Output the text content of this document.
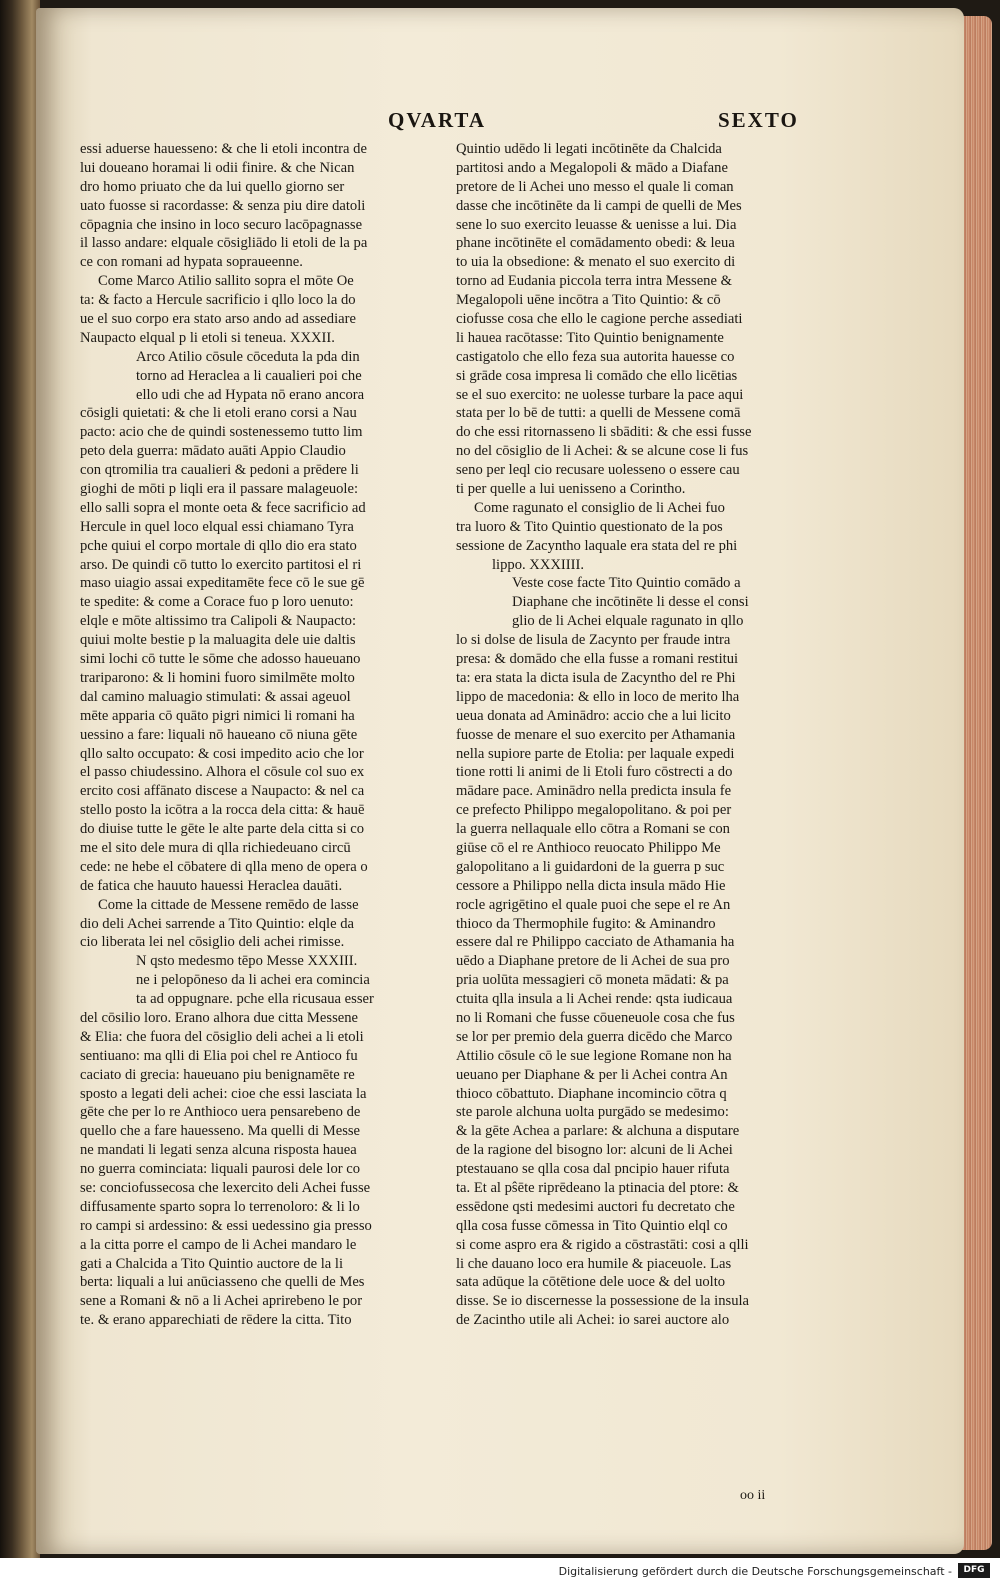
QVARTA	SEXTO
essi aduerse hauesseno: & che li etoli incontra de
lui doueano horamai li odii finire. & che Nican
dro homo priuato che da lui quello giorno ser
uato fuosse si racordasse: & senza piu dire datoli
cōpagnia che insino in loco securo lacōpagnasse
il lasso andare: elquale cōsigliādo li etoli de la pa
ce con romani ad hypata sopraueenne.
Come Marco Atilio sallito sopra el mōte Oe
ta: & facto a Hercule sacrificio i qllo loco la do
ue el suo corpo era stato arso ando ad assediare
Naupacto elqual p li etoli si teneua. XXXII.
Arco Atilio cōsule cōceduta la pda din
torno ad Heraclea a li caualieri poi che
ello udi che ad Hypata nō erano ancora
cōsigli quietati: & che li etoli erano corsi a Nau
pacto: acio che de quindi sostenessemo tutto lim
peto dela guerra: mādato auāti Appio Claudio
con qtromilia tra caualieri & pedoni a prēdere li
gioghi de mōti p liqli era il passare malageuole:
ello salli sopra el monte oeta & fece sacrificio ad
Hercule in quel loco elqual essi chiamano Tyra
pche quiui el corpo mortale di qllo dio era stato
arso. De quindi cō tutto lo exercito partitosi el ri
maso uiagio assai expeditamēte fece cō le sue gē
te spedite: & come a Corace fuo p loro uenuto:
elqle e mōte altissimo tra Calipoli & Naupacto:
quiui molte bestie p la maluagita dele uie daltis
simi lochi cō tutte le sōme che adosso haueuano
trariparono: & li homini fuoro similmēte molto
dal camino maluagio stimulati: & assai ageuol
mēte apparia cō quāto pigri nimici li romani ha
uessino a fare: liquali nō haueano cō niuna gēte
qllo salto occupato: & cosi impedito acio che lor
el passo chiudessino. Alhora el cōsule col suo ex
ercito cosi affānato discese a Naupacto: & nel ca
stello posto la icōtra a la rocca dela citta: & hauē
do diuise tutte le gēte le alte parte dela citta si co
me el sito dele mura di qlla richiedeuano circū
cede: ne hebe el cōbatere di qlla meno de opera o
de fatica che hauuto hauessi Heraclea dauāti.
Come la cittade de Messene remēdo de lasse
dio deli Achei sarrende a Tito Quintio: elqle da
cio liberata lei nel cōsiglio deli achei rimisse.
N qsto medesmo tēpo Messe XXXIII.
ne i pelopōneso da li achei era comincia
ta ad oppugnare. pche ella ricusaua esser
del cōsilio loro. Erano alhora due citta Messene
& Elia: che fuora del cōsiglio deli achei a li etoli
sentiuano: ma qlli di Elia poi chel re Antioco fu
caciato di grecia: haueuano piu benignamēte re
sposto a legati deli achei: cioe che essi lasciata la
gēte che per lo re Anthioco uera pensarebeno de
quello che a fare hauesseno. Ma quelli di Messe
ne mandati li legati senza alcuna risposta hauea
no guerra cominciata: liquali paurosi dele lor co
se: conciofussecosa che lexercito deli Achei fusse
diffusamente sparto sopra lo terrenoloro: & li lo
ro campi si ardessino: & essi uedessino gia presso
a la citta porre el campo de li Achei mandaro le
gati a Chalcida a Tito Quintio auctore de la li
berta: liquali a lui anūciasseno che quelli de Mes
sene a Romani & nō a li Achei aprirebeno le por
te. & erano apparechiati de rēdere la citta. Tito
Quintio udēdo li legati incōtinēte da Chalcida
partitosi ando a Megalopoli & mādo a Diafane
pretore de li Achei uno messo el quale li coman
dasse che incōtinēte da li campi de quelli de Mes
sene lo suo exercito leuasse & uenisse a lui. Dia
phane incōtinēte el comādamento obedi: & leua
to uia la obsedione: & menato el suo exercito di
torno ad Eudania piccola terra intra Messene &
Megalopoli uēne incōtra a Tito Quintio: & cō
ciofusse cosa che ello le cagione perche assediati
li hauea racōtasse: Tito Quintio benignamente
castigatolo che ello feza sua autorita hauesse co
si grāde cosa impresa li comādo che ello licētias
se el suo exercito: ne uolesse turbare la pace aqui
stata per lo bē de tutti: a quelli de Messene comā
do che essi ritornasseno li sbāditi: & che essi fusse
no del cōsiglio de li Achei: & se alcune cose li fus
seno per leql cio recusare uolesseno o essere cau
ti per quelle a lui uenisseno a Corintho.
Come ragunato el consiglio de li Achei fuo
tra luoro & Tito Quintio questionato de la pos
sessione de Zacyntho laquale era stata del re phi
lippo. XXXIIII.
Veste cose facte Tito Quintio comādo a
Diaphane che incōtinēte li desse el consi
glio de li Achei elquale ragunato in qllo
lo si dolse de lisula de Zacynto per fraude intra
presa: & domādo che ella fusse a romani restitui
ta: era stata la dicta isula de Zacyntho del re Phi
lippo de macedonia: & ello in loco de merito lha
ueua donata ad Aminādro: accio che a lui licito
fuosse de menare el suo exercito per Athamania
nella supiore parte de Etolia: per laquale expedi
tione rotti li animi de li Etoli furo cōstrecti a do
mādare pace. Aminādro nella predicta insula fe
ce prefecto Philippo megalopolitano. & poi per
la guerra nellaquale ello cōtra a Romani se con
giūse cō el re Anthioco reuocato Philippo Me
galopolitano a li guidardoni de la guerra p suc
cessore a Philippo nella dicta insula mādo Hie
rocle agrigētino el quale puoi che sepe el re An
thioco da Thermophile fugito: & Aminandro
essere dal re Philippo cacciato de Athamania ha
uēdo a Diaphane pretore de li Achei de sua pro
pria uolūta messagieri cō moneta mādati: & pa
ctuita qlla insula a li Achei rende: qsta iudicaua
no li Romani che fusse cōueneuole cosa che fus
se lor per premio dela guerra dicēdo che Marco
Attilio cōsule cō le sue legione Romane non ha
ueuano per Diaphane & per li Achei contra An
thioco cōbattuto. Diaphane incomincio cōtra q
ste parole alchuna uolta purgādo se medesimo:
& la gēte Achea a parlare: & alchuna a disputare
de la ragione del bisogno lor: alcuni de li Achei
ptestauano se qlla cosa dal pncipio hauer rifuta
ta. Et al pŝēte riprēdeano la ptinacia del ptore: &
essēdone qsti medesimi auctori fu decretato che
qlla cosa fusse cōmessa in Tito Quintio elql co
si come aspro era & rigido a cōstrastāti: cosi a qlli
li che dauano loco era humile & piaceuole. Las
sata adūque la cōtētione dele uoce & del uolto
disse. Se io discernesse la possessione de la insula
de Zacintho utile ali Achei: io sarei auctore alo
oo ii
Digitalisierung gefördert durch die Deutsche Forschungsgemeinschaft -	DFG
